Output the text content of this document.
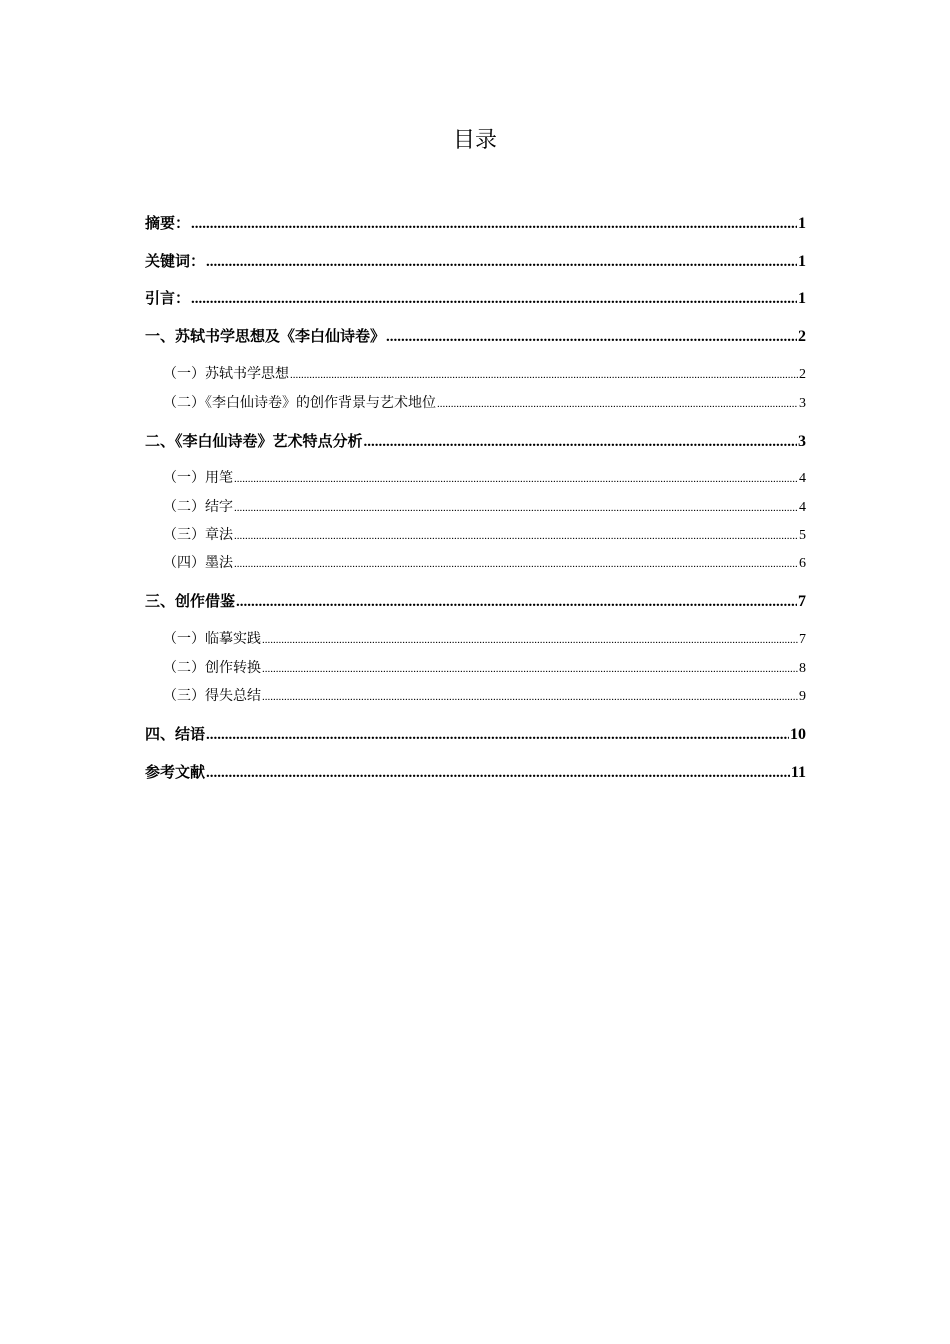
目录
摘要： .....	1
关键词： .....	1
引言： .....	1
一、苏轼书学思想及《李白仙诗卷》 .....	2
（一）苏轼书学思想 .....	2
（二）《李白仙诗卷》的创作背景与艺术地位 .....	3
二、《李白仙诗卷》艺术特点分析 .....	3
（一）用笔 .....	4
（二）结字 .....	4
（三）章法 .....	5
（四）墨法 .....	6
三、创作借鉴 .....	7
（一）临摹实践 .....	7
（二）创作转换 .....	8
（三）得失总结 .....	9
四、结语 .....	10
参考文献 .....	11
